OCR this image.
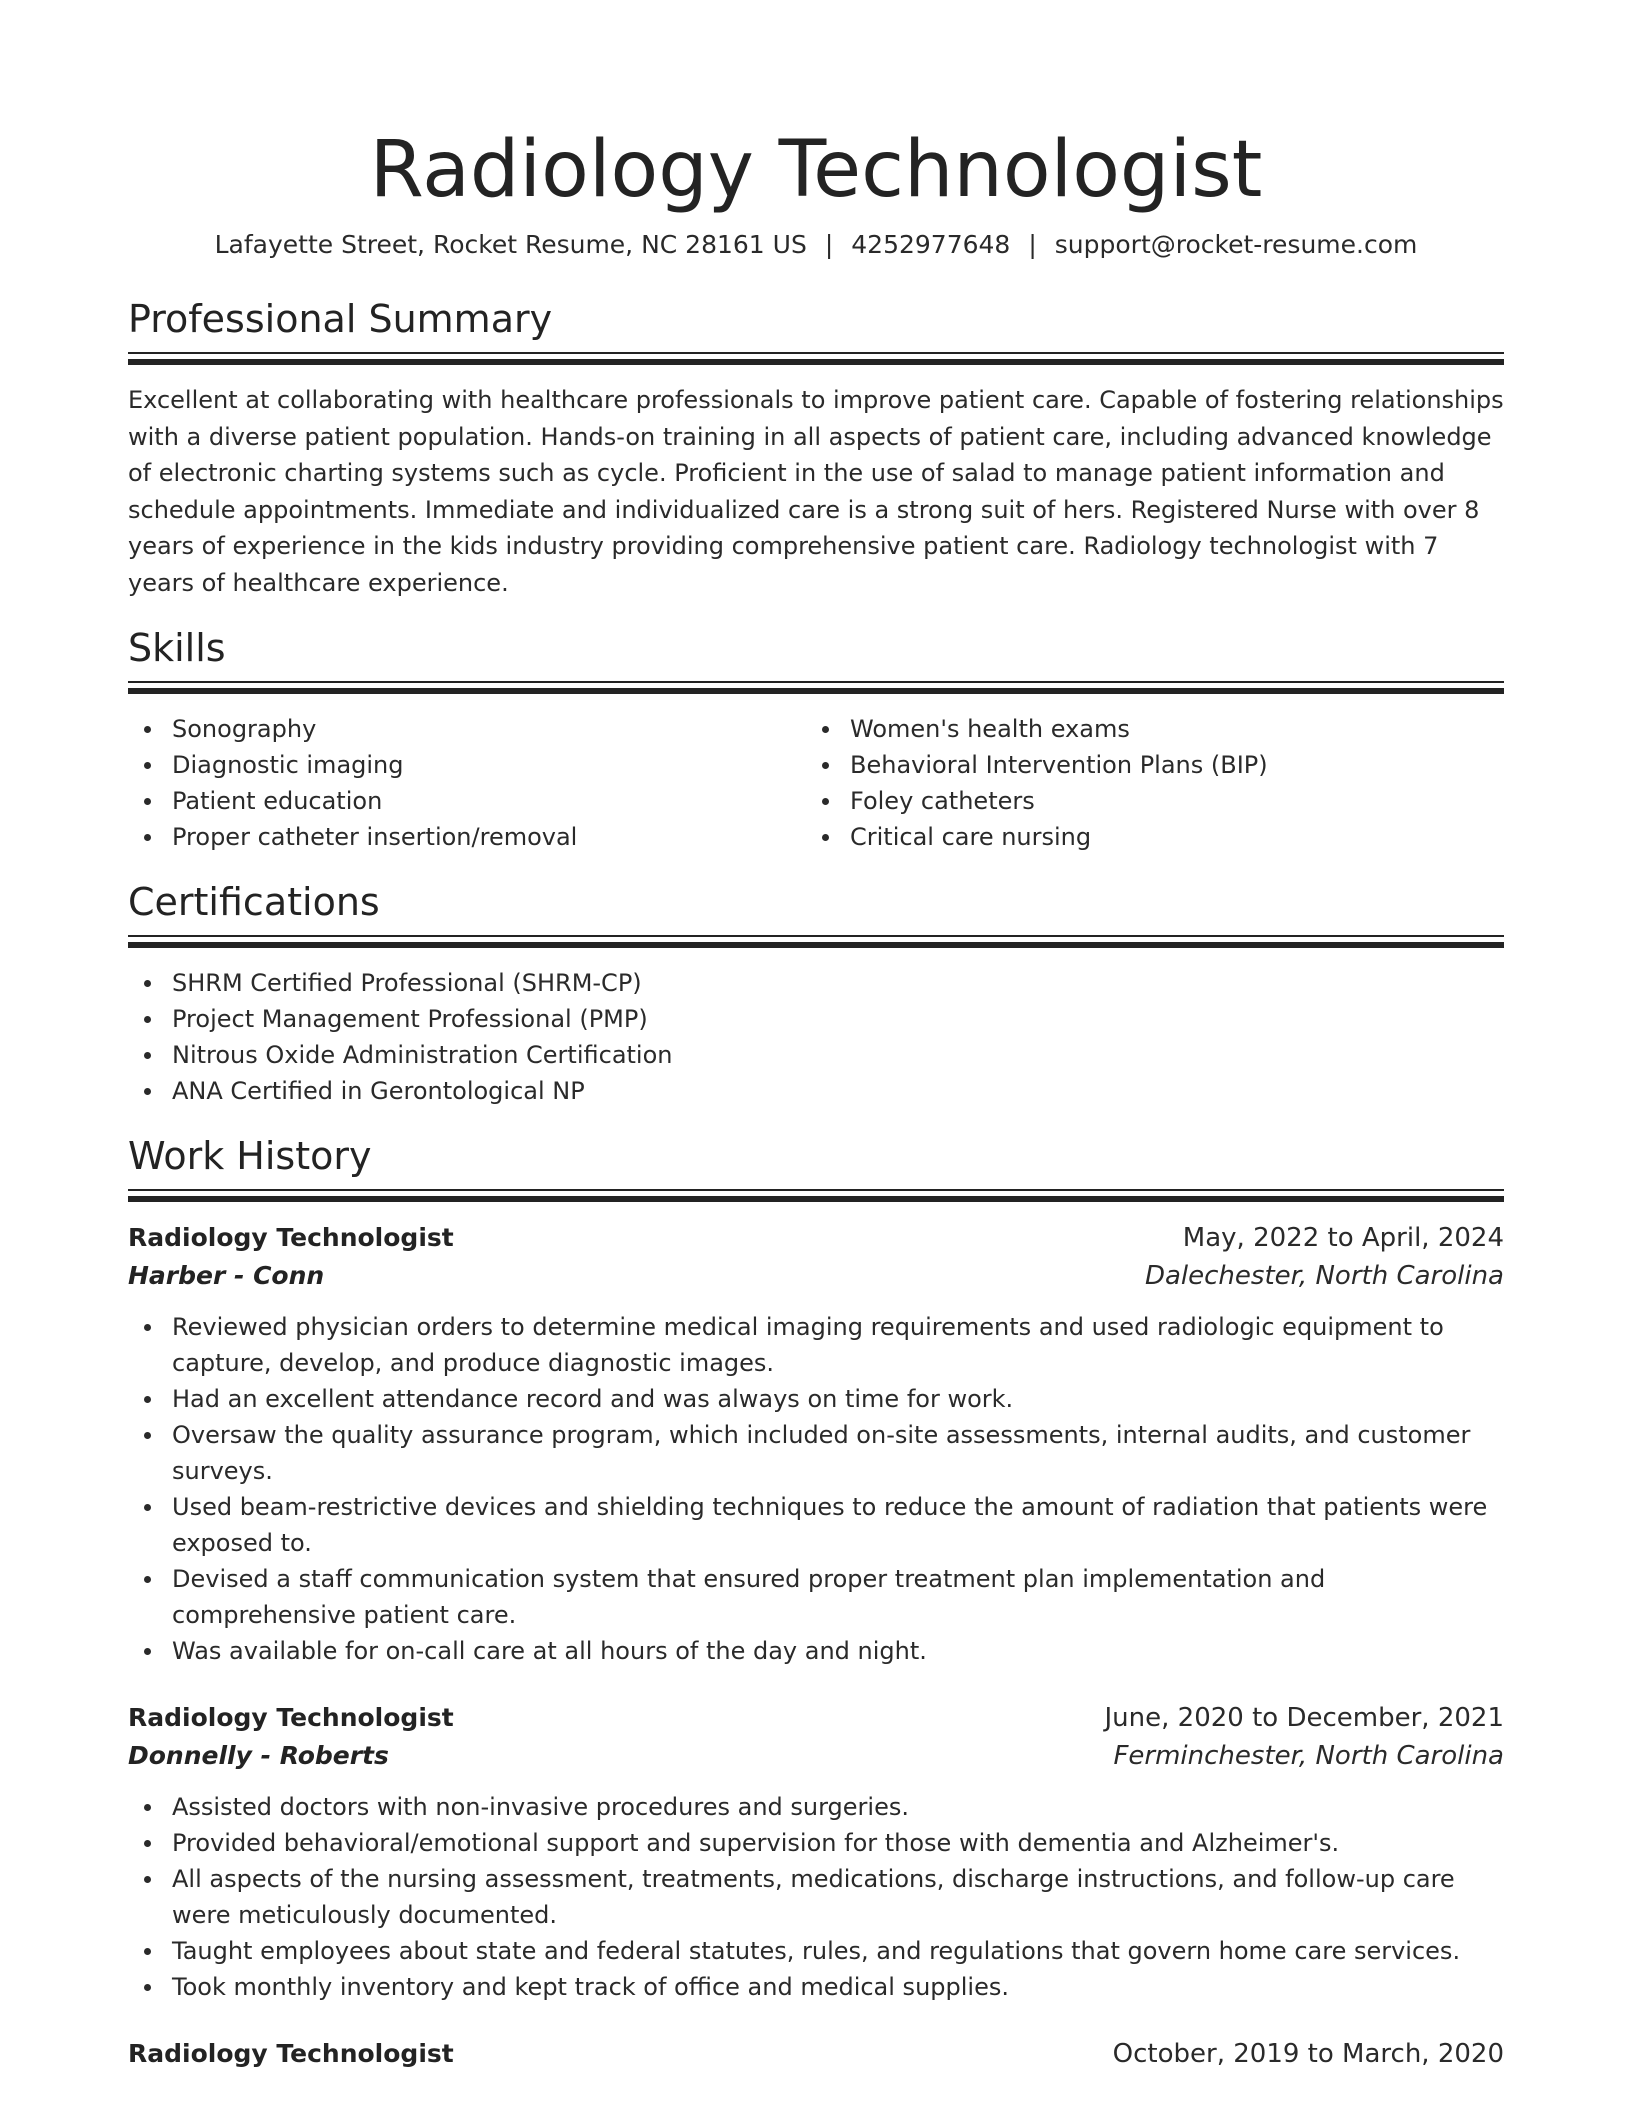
Radiology Technologist
Lafayette Street, Rocket Resume, NC 28161 US | 4252977648 | support@rocket-resume.com
Professional Summary

Excellent at collaborating with healthcare professionals to improve patient care. Capable of fostering relationships with a diverse patient population. Hands-on training in all aspects of patient care, including advanced knowledge of electronic charting systems such as cycle. Proficient in the use of salad to manage patient information and schedule appointments. Immediate and individualized care is a strong suit of hers. Registered Nurse with over 8 years of experience in the kids industry providing comprehensive patient care. Radiology technologist with 7 years of healthcare experience.

Skills
Sonography
Diagnostic imaging
Patient education
Proper catheter insertion/removal
Women's health exams
Behavioral Intervention Plans (BIP)
Foley catheters
Critical care nursing
Certifications
SHRM Certified Professional (SHRM-CP)
Project Management Professional (PMP)
Nitrous Oxide Administration Certification
ANA Certified in Gerontological NP
Work History
Radiology Technologist	May, 2022 to April, 2024
Harber - Conn	Dalechester, North Carolina
Reviewed physician orders to determine medical imaging requirements and used radiologic equipment to capture, develop, and produce diagnostic images.
Had an excellent attendance record and was always on time for work.
Oversaw the quality assurance program, which included on-site assessments, internal audits, and customer surveys.
Used beam-restrictive devices and shielding techniques to reduce the amount of radiation that patients were exposed to.
Devised a staff communication system that ensured proper treatment plan implementation and comprehensive patient care.
Was available for on-call care at all hours of the day and night.
Radiology Technologist	June, 2020 to December, 2021
Donnelly - Roberts	Ferminchester, North Carolina
Assisted doctors with non-invasive procedures and surgeries.
Provided behavioral/emotional support and supervision for those with dementia and Alzheimer's.
All aspects of the nursing assessment, treatments, medications, discharge instructions, and follow-up care were meticulously documented.
Taught employees about state and federal statutes, rules, and regulations that govern home care services.
Took monthly inventory and kept track of office and medical supplies.
Radiology Technologist	October, 2019 to March, 2020
